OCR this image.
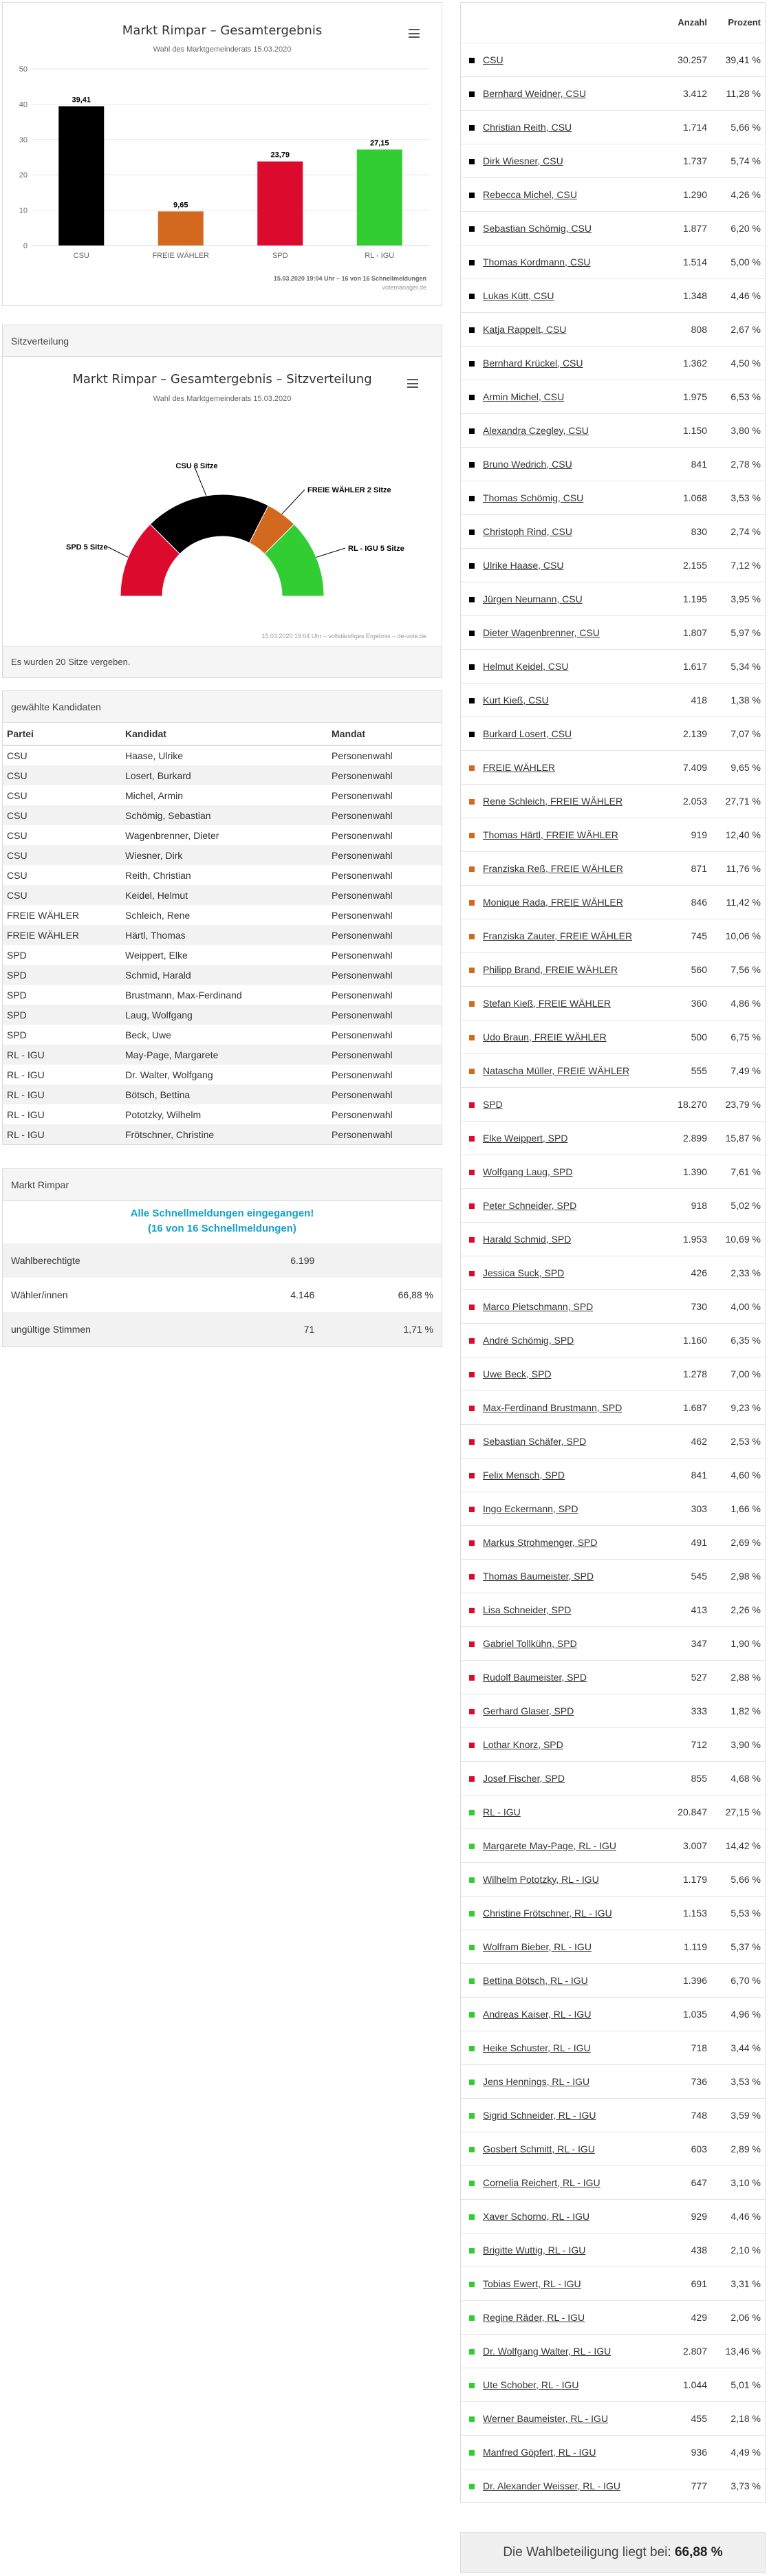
Markt Rimpar – Gesamtergebnis
Wahl des Marktgemeinderats 15.03.2020
0
10
20
30
40
50
39,41
CSU
9,65
FREIE WÄHLER
23,79
SPD
27,15
RL - IGU
15.03.2020 19:04 Uhr – 16 von 16 Schnellmeldungen
votemanager.de
Sitzverteilung
Markt Rimpar – Gesamtergebnis – Sitzverteilung
Wahl des Marktgemeinderats 15.03.2020
SPD 5 Sitze
CSU 8 Sitze
FREIE WÄHLER 2 Sitze
RL - IGU 5 Sitze
15.03.2020 19:04 Uhr – vollständiges Ergebnis – de-vote.de
Es wurden 20 Sitze vergeben.
gewählte Kandidaten
Partei	Kandidat	Mandat
CSU	Haase, Ulrike	Personenwahl
CSU	Losert, Burkard	Personenwahl
CSU	Michel, Armin	Personenwahl
CSU	Schömig, Sebastian	Personenwahl
CSU	Wagenbrenner, Dieter	Personenwahl
CSU	Wiesner, Dirk	Personenwahl
CSU	Reith, Christian	Personenwahl
CSU	Keidel, Helmut	Personenwahl
FREIE WÄHLER	Schleich, Rene	Personenwahl
FREIE WÄHLER	Härtl, Thomas	Personenwahl
SPD	Weippert, Elke	Personenwahl
SPD	Schmid, Harald	Personenwahl
SPD	Brustmann, Max-Ferdinand	Personenwahl
SPD	Laug, Wolfgang	Personenwahl
SPD	Beck, Uwe	Personenwahl
RL - IGU	May-Page, Margarete	Personenwahl
RL - IGU	Dr. Walter, Wolfgang	Personenwahl
RL - IGU	Bötsch, Bettina	Personenwahl
RL - IGU	Pototzky, Wilhelm	Personenwahl
RL - IGU	Frötschner, Christine	Personenwahl
Markt Rimpar
Alle Schnellmeldungen eingegangen!
(16 von 16 Schnellmeldungen)
Wahlberechtigte	6.199	
Wähler/innen	4.146	66,88 %
ungültige Stimmen	71	1,71 %
		Anzahl	Prozent
	CSU	30.257	39,41 %
	Bernhard Weidner, CSU	3.412	11,28 %
	Christian Reith, CSU	1.714	5,66 %
	Dirk Wiesner, CSU	1.737	5,74 %
	Rebecca Michel, CSU	1.290	4,26 %
	Sebastian Schömig, CSU	1.877	6,20 %
	Thomas Kordmann, CSU	1.514	5,00 %
	Lukas Kütt, CSU	1.348	4,46 %
	Katja Rappelt, CSU	808	2,67 %
	Bernhard Krückel, CSU	1.362	4,50 %
	Armin Michel, CSU	1.975	6,53 %
	Alexandra Czegley, CSU	1.150	3,80 %
	Bruno Wedrich, CSU	841	2,78 %
	Thomas Schömig, CSU	1.068	3,53 %
	Christoph Rind, CSU	830	2,74 %
	Ulrike Haase, CSU	2.155	7,12 %
	Jürgen Neumann, CSU	1.195	3,95 %
	Dieter Wagenbrenner, CSU	1.807	5,97 %
	Helmut Keidel, CSU	1.617	5,34 %
	Kurt Kieß, CSU	418	1,38 %
	Burkard Losert, CSU	2.139	7,07 %
	FREIE WÄHLER	7.409	9,65 %
	Rene Schleich, FREIE WÄHLER	2.053	27,71 %
	Thomas Härtl, FREIE WÄHLER	919	12,40 %
	Franziska Reß, FREIE WÄHLER	871	11,76 %
	Monique Rada, FREIE WÄHLER	846	11,42 %
	Franziska Zauter, FREIE WÄHLER	745	10,06 %
	Philipp Brand, FREIE WÄHLER	560	7,56 %
	Stefan Kieß, FREIE WÄHLER	360	4,86 %
	Udo Braun, FREIE WÄHLER	500	6,75 %
	Natascha Müller, FREIE WÄHLER	555	7,49 %
	SPD	18.270	23,79 %
	Elke Weippert, SPD	2.899	15,87 %
	Wolfgang Laug, SPD	1.390	7,61 %
	Peter Schneider, SPD	918	5,02 %
	Harald Schmid, SPD	1.953	10,69 %
	Jessica Suck, SPD	426	2,33 %
	Marco Pietschmann, SPD	730	4,00 %
	André Schömig, SPD	1.160	6,35 %
	Uwe Beck, SPD	1.278	7,00 %
	Max-Ferdinand Brustmann, SPD	1.687	9,23 %
	Sebastian Schäfer, SPD	462	2,53 %
	Felix Mensch, SPD	841	4,60 %
	Ingo Eckermann, SPD	303	1,66 %
	Markus Strohmenger, SPD	491	2,69 %
	Thomas Baumeister, SPD	545	2,98 %
	Lisa Schneider, SPD	413	2,26 %
	Gabriel Tollkühn, SPD	347	1,90 %
	Rudolf Baumeister, SPD	527	2,88 %
	Gerhard Glaser, SPD	333	1,82 %
	Lothar Knorz, SPD	712	3,90 %
	Josef Fischer, SPD	855	4,68 %
	RL - IGU	20.847	27,15 %
	Margarete May-Page, RL - IGU	3.007	14,42 %
	Wilhelm Pototzky, RL - IGU	1.179	5,66 %
	Christine Frötschner, RL - IGU	1.153	5,53 %
	Wolfram Bieber, RL - IGU	1.119	5,37 %
	Bettina Bötsch, RL - IGU	1.396	6,70 %
	Andreas Kaiser, RL - IGU	1.035	4,96 %
	Heike Schuster, RL - IGU	718	3,44 %
	Jens Hennings, RL - IGU	736	3,53 %
	Sigrid Schneider, RL - IGU	748	3,59 %
	Gosbert Schmitt, RL - IGU	603	2,89 %
	Cornelia Reichert, RL - IGU	647	3,10 %
	Xaver Schorno, RL - IGU	929	4,46 %
	Brigitte Wuttig, RL - IGU	438	2,10 %
	Tobias Ewert, RL - IGU	691	3,31 %
	Regine Räder, RL - IGU	429	2,06 %
	Dr. Wolfgang Walter, RL - IGU	2.807	13,46 %
	Ute Schober, RL - IGU	1.044	5,01 %
	Werner Baumeister, RL - IGU	455	2,18 %
	Manfred Göpfert, RL - IGU	936	4,49 %
	Dr. Alexander Weisser, RL - IGU	777	3,73 %
Die Wahlbeteiligung liegt bei: 66,88 %
